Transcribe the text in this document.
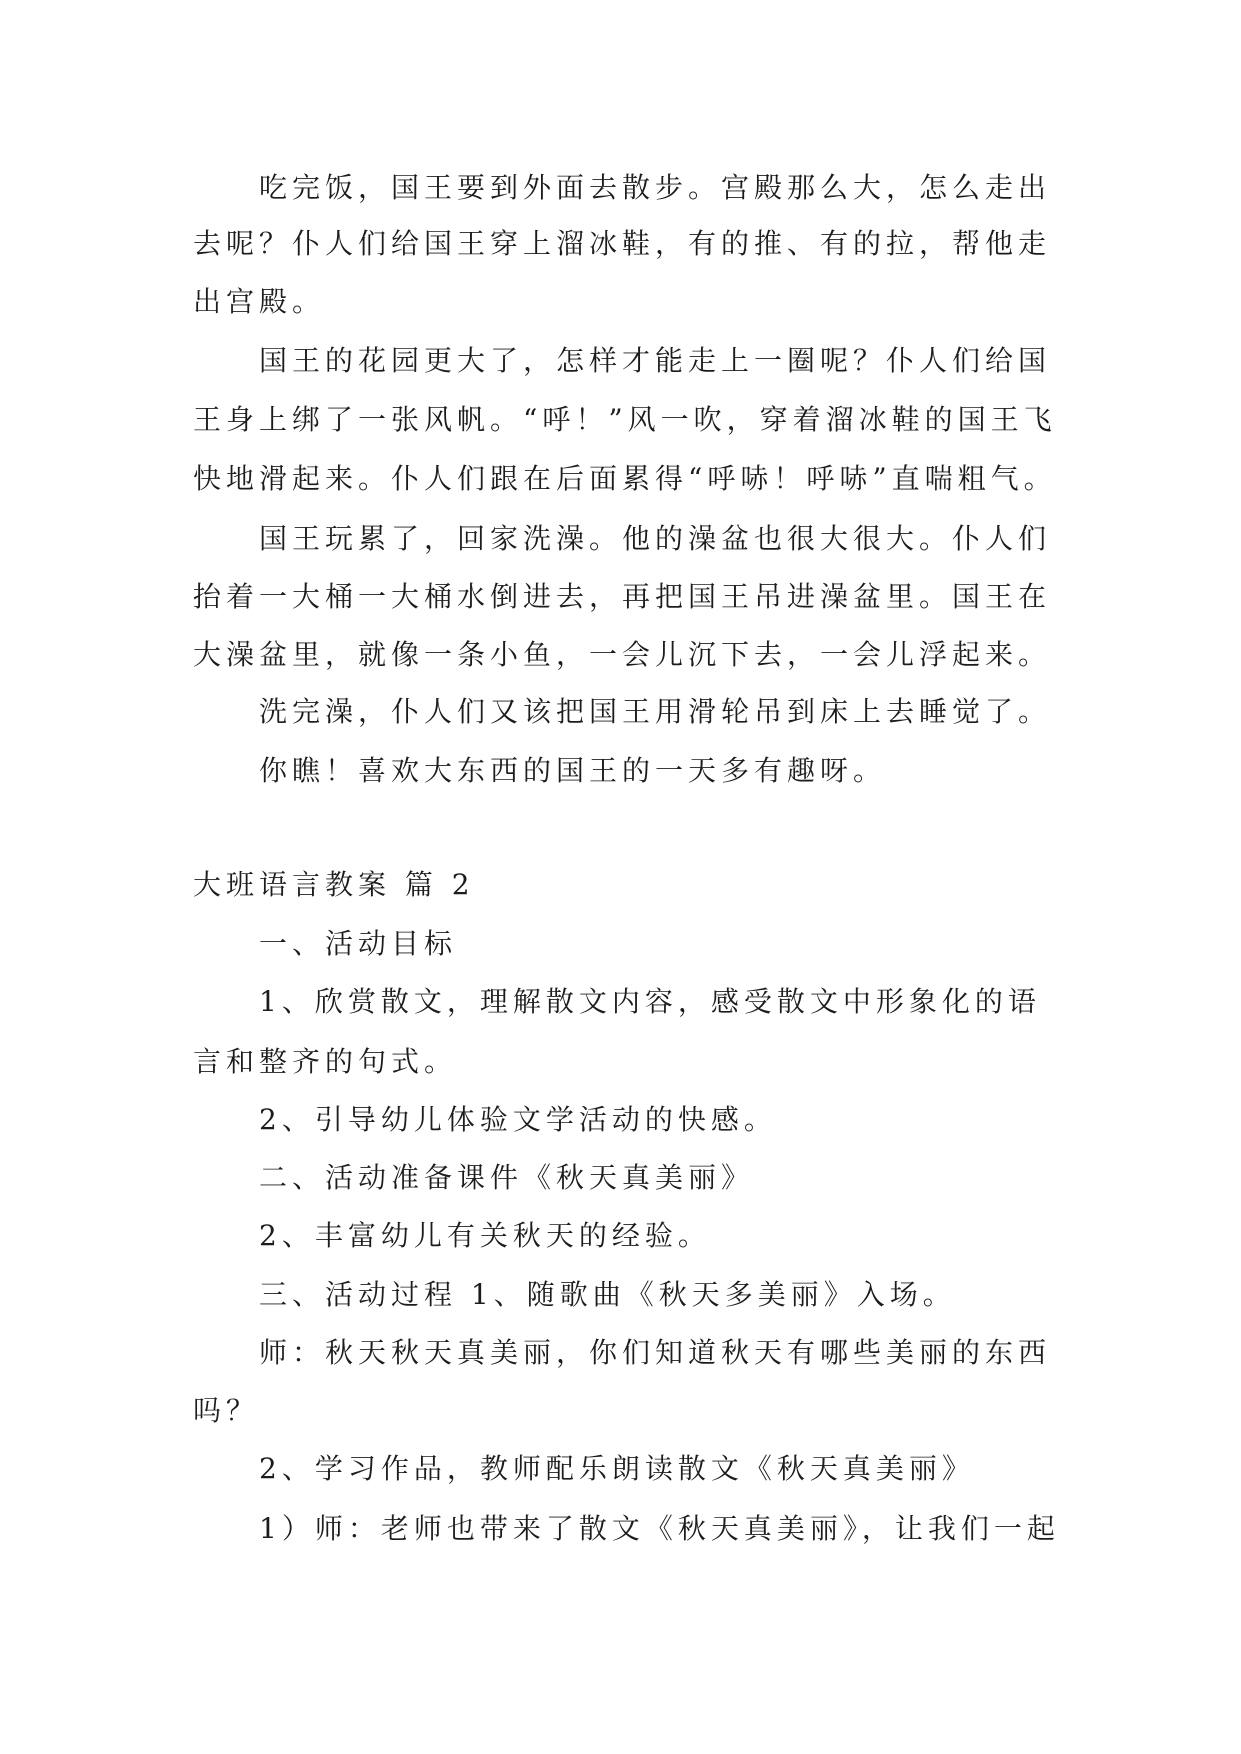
吃完饭，国王要到外面去散步。宫殿那么大，怎么走出
去呢？仆人们给国王穿上溜冰鞋，有的推、有的拉，帮他走
出宫殿。
国王的花园更大了，怎样才能走上一圈呢？仆人们给国
王身上绑了一张风帆。“呼！”风一吹，穿着溜冰鞋的国王飞
快地滑起来。仆人们跟在后面累得“呼哧！呼哧”直喘粗气。
国王玩累了，回家洗澡。他的澡盆也很大很大。仆人们
抬着一大桶一大桶水倒进去，再把国王吊进澡盆里。国王在
大澡盆里，就像一条小鱼，一会儿沉下去，一会儿浮起来。
洗完澡，仆人们又该把国王用滑轮吊到床上去睡觉了。
你瞧！喜欢大东西的国王的一天多有趣呀。
大班语言教案 篇 2
一、活动目标
1、欣赏散文，理解散文内容，感受散文中形象化的语
言和整齐的句式。
2、引导幼儿体验文学活动的快感。
二、活动准备课件《秋天真美丽》
2、丰富幼儿有关秋天的经验。
三、活动过程 1、随歌曲《秋天多美丽》入场。
师：秋天秋天真美丽，你们知道秋天有哪些美丽的东西
吗？
2、学习作品，教师配乐朗读散文《秋天真美丽》
1）师：老师也带来了散文《秋天真美丽》，让我们一起
